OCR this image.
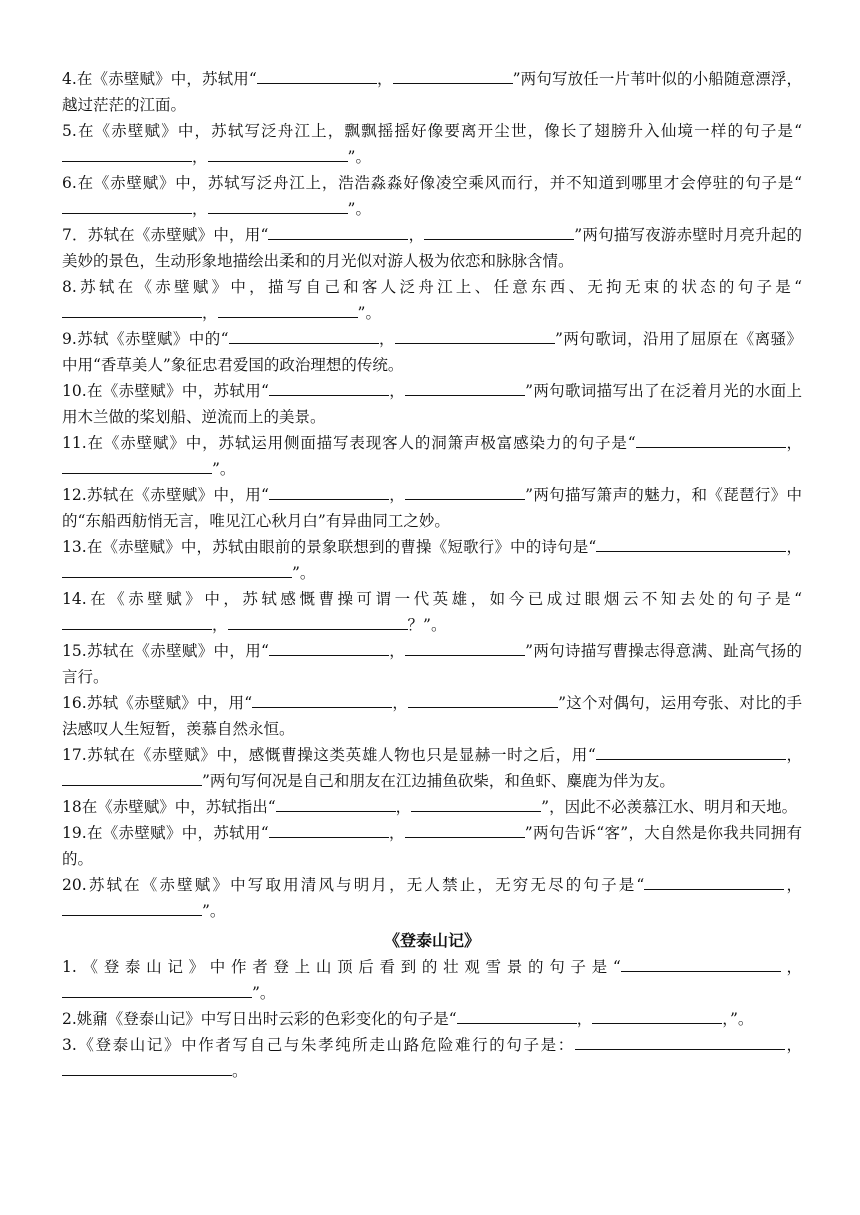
4.在《赤壁赋》中，苏轼用“	，	”两句写放任一片苇叶似的小船随意漂浮，越过茫茫的江面。

5.在《赤壁赋》中，苏轼写泛舟江上，飘飘摇摇好像要离开尘世，像长了翅膀升入仙境一样的句子是“，	”。

6.在《赤壁赋》中，苏轼写泛舟江上，浩浩淼淼好像凌空乘风而行，并不知道到哪里才会停驻的句子是“，	”。

7．苏轼在《赤壁赋》中，用“	，	”两句描写夜游赤壁时月亮升起的美妙的景色，生动形象地描绘出柔和的月光似对游人极为依恋和脉脉含情。

8.苏轼在《赤壁赋》中，描写自己和客人泛舟江上、任意东西、无拘无束的状态的句子是“，	”。

9.苏轼《赤壁赋》中的“	，	”两句歌词，沿用了屈原在《离骚》中用“香草美人”象征忠君爱国的政治理想的传统。

10.在《赤壁赋》中，苏轼用“	，	”两句歌词描写出了在泛着月光的水面上用木兰做的桨划船、逆流而上的美景。

11.在《赤壁赋》中，苏轼运用侧面描写表现客人的洞箫声极富感染力的句子是“	，”。

12.苏轼在《赤壁赋》中，用“	，	”两句描写箫声的魅力，和《琵琶行》中的“东船西舫悄无言，唯见江心秋月白”有异曲同工之妙。

13.在《赤壁赋》中，苏轼由眼前的景象联想到的曹操《短歌行》中的诗句是“	，”。

14.在《赤壁赋》中，苏轼感慨曹操可谓一代英雄，如今已成过眼烟云不知去处的句子是“，	？”。

15.苏轼在《赤壁赋》中，用“	，	”两句诗描写曹操志得意满、趾高气扬的言行。

16.苏轼《赤壁赋》中，用“	，	”这个对偶句，运用夸张、对比的手法感叹人生短暂，羡慕自然永恒。

17.苏轼在《赤壁赋》中，感慨曹操这类英雄人物也只是显赫一时之后，用“	，”两句写何况是自己和朋友在江边捕鱼砍柴，和鱼虾、麋鹿为伴为友。

18在《赤壁赋》中，苏轼指出“	，	”，因此不必羡慕江水、明月和天地。

19.在《赤壁赋》中，苏轼用“	，	”两句告诉“客”，大自然是你我共同拥有的。

20.苏轼在《赤壁赋》中写取用清风与明月，无人禁止，无穷无尽的句子是“	，”。

《登泰山记》

1.《登泰山记》中作者登上山顶后看到的壮观雪景的句子是“	，”。

2.姚鼐《登泰山记》中写日出时云彩的色彩变化的句子是“	，	，”。

3.《登泰山记》中作者写自己与朱孝纯所走山路危险难行的句子是：	，。
